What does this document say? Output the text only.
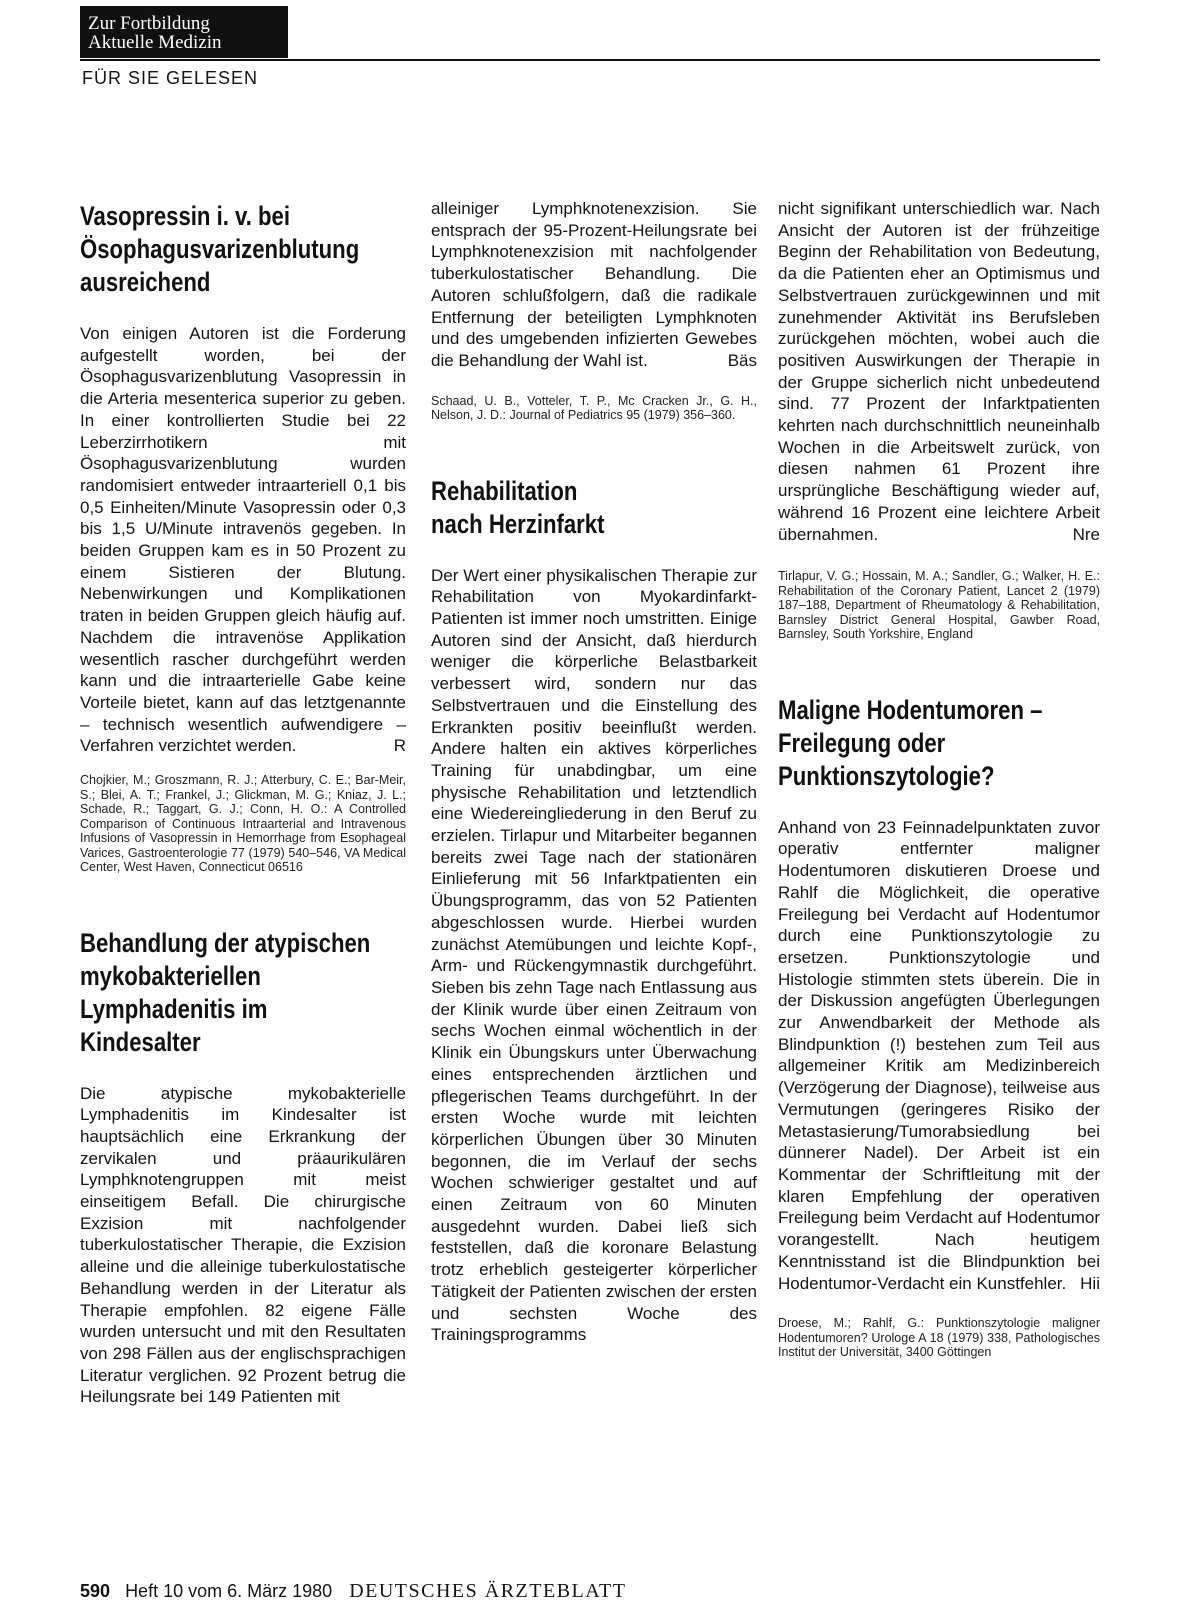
Zur Fortbildung
Aktuelle Medizin
FÜR SIE GELESEN
Vasopressin i. v. bei
Ösophagusvarizenblutung
ausreichend

Von einigen Autoren ist die Forderung aufgestellt worden, bei der Ösophagusvarizenblutung Vasopressin in die Arteria mesenterica superior zu geben. In einer kontrollierten Studie bei 22 Leberzirrhotikern mit Ösophagusvarizenblutung wurden randomisiert entweder intraarteriell 0,1 bis 0,5 Einheiten/Minute Vasopressin oder 0,3 bis 1,5 U/Minute intravenös gegeben. In beiden Gruppen kam es in 50 Prozent zu einem Sistieren der Blutung. Nebenwirkungen und Komplikationen traten in beiden Gruppen gleich häufig auf. Nachdem die intravenöse Applikation wesentlich rascher durchgeführt werden kann und die intraarterielle Gabe keine Vorteile bietet, kann auf das letztgenannte – technisch wesentlich aufwendigere – Verfahren verzichtet werden.	R

Chojkier, M.; Groszmann, R. J.; Atterbury, C. E.; Bar-Meir, S.; Blei, A. T.; Frankel, J.; Glickman, M. G.; Kniaz, J. L.; Schade, R.; Taggart, G. J.; Conn, H. O.: A Controlled Comparison of Continuous Intraarterial and Intravenous Infusions of Vasopressin in Hemorrhage from Esophageal Varices, Gastroenterologie 77 (1979) 540–546, VA Medical Center, West Haven, Connecticut 06516

Behandlung der atypischen
mykobakteriellen
Lymphadenitis im
Kindesalter

Die atypische mykobakterielle Lymphadenitis im Kindesalter ist hauptsächlich eine Erkrankung der zervikalen und präaurikulären Lymphknotengruppen mit meist einseitigem Befall. Die chirurgische Exzision mit nachfolgender tuberkulostatischer Therapie, die Exzision alleine und die alleinige tuberkulostatische Behandlung werden in der Literatur als Therapie empfohlen. 82 eigene Fälle wurden untersucht und mit den Resultaten von 298 Fällen aus der englischsprachigen Literatur verglichen. 92 Prozent betrug die Heilungsrate bei 149 Patienten mit

alleiniger Lymphknotenexzision. Sie entsprach der 95-Prozent-Heilungsrate bei Lymphknotenexzision mit nachfolgender tuberkulostatischer Behandlung. Die Autoren schlußfolgern, daß die radikale Entfernung der beteiligten Lymphknoten und des umgebenden infizierten Gewebes die Behandlung der Wahl ist.	Bäs

Schaad, U. B., Votteler, T. P., Mc Cracken Jr., G. H., Nelson, J. D.: Journal of Pediatrics 95 (1979) 356–360.

Rehabilitation
nach Herzinfarkt

Der Wert einer physikalischen Therapie zur Rehabilitation von Myokardinfarkt-Patienten ist immer noch umstritten. Einige Autoren sind der Ansicht, daß hierdurch weniger die körperliche Belastbarkeit verbessert wird, sondern nur das Selbstvertrauen und die Einstellung des Erkrankten positiv beeinflußt werden. Andere halten ein aktives körperliches Training für unabdingbar, um eine physische Rehabilitation und letztendlich eine Wiedereingliederung in den Beruf zu erzielen. Tirlapur und Mitarbeiter begannen bereits zwei Tage nach der stationären Einlieferung mit 56 Infarktpatienten ein Übungsprogramm, das von 52 Patienten abgeschlossen wurde. Hierbei wurden zunächst Atemübungen und leichte Kopf-, Arm- und Rückengymnastik durchgeführt. Sieben bis zehn Tage nach Entlassung aus der Klinik wurde über einen Zeitraum von sechs Wochen einmal wöchentlich in der Klinik ein Übungskurs unter Überwachung eines entsprechenden ärztlichen und pflegerischen Teams durchgeführt. In der ersten Woche wurde mit leichten körperlichen Übungen über 30 Minuten begonnen, die im Verlauf der sechs Wochen schwieriger gestaltet und auf einen Zeitraum von 60 Minuten ausgedehnt wurden. Dabei ließ sich feststellen, daß die koronare Belastung trotz erheblich gesteigerter körperlicher Tätigkeit der Patienten zwischen der ersten und sechsten Woche des Trainingsprogramms

nicht signifikant unterschiedlich war. Nach Ansicht der Autoren ist der frühzeitige Beginn der Rehabilitation von Bedeutung, da die Patienten eher an Optimismus und Selbstvertrauen zurückgewinnen und mit zunehmender Aktivität ins Berufsleben zurückgehen möchten, wobei auch die positiven Auswirkungen der Therapie in der Gruppe sicherlich nicht unbedeutend sind. 77 Prozent der Infarktpatienten kehrten nach durchschnittlich neuneinhalb Wochen in die Arbeitswelt zurück, von diesen nahmen 61 Prozent ihre ursprüngliche Beschäftigung wieder auf, während 16 Prozent eine leichtere Arbeit übernahmen.	Nre

Tirlapur, V. G.; Hossain, M. A.; Sandler, G.; Walker, H. E.: Rehabilitation of the Coronary Patient, Lancet 2 (1979) 187–188, Department of Rheumatology & Rehabilitation, Barnsley District General Hospital, Gawber Road, Barnsley, South Yorkshire, England

Maligne Hodentumoren –
Freilegung oder
Punktionszytologie?

Anhand von 23 Feinnadelpunktaten zuvor operativ entfernter maligner Hodentumoren diskutieren Droese und Rahlf die Möglichkeit, die operative Freilegung bei Verdacht auf Hodentumor durch eine Punktionszytologie zu ersetzen. Punktionszytologie und Histologie stimmten stets überein. Die in der Diskussion angefügten Überlegungen zur Anwendbarkeit der Methode als Blindpunktion (!) bestehen zum Teil aus allgemeiner Kritik am Medizinbereich (Verzögerung der Diagnose), teilweise aus Vermutungen (geringeres Risiko der Metastasierung/Tumorabsiedlung bei dünnerer Nadel). Der Arbeit ist ein Kommentar der Schriftleitung mit der klaren Empfehlung der operativen Freilegung beim Verdacht auf Hodentumor vorangestellt. Nach heutigem Kenntnisstand ist die Blindpunktion bei Hodentumor-Verdacht ein Kunstfehler. Hii

Droese, M.; Rahlf, G.: Punktionszytologie maligner Hodentumoren? Urologe A 18 (1979) 338, Pathologisches Institut der Universität, 3400 Göttingen

590 Heft 10 vom 6. März 1980 DEUTSCHES ÄRZTEBLATT
